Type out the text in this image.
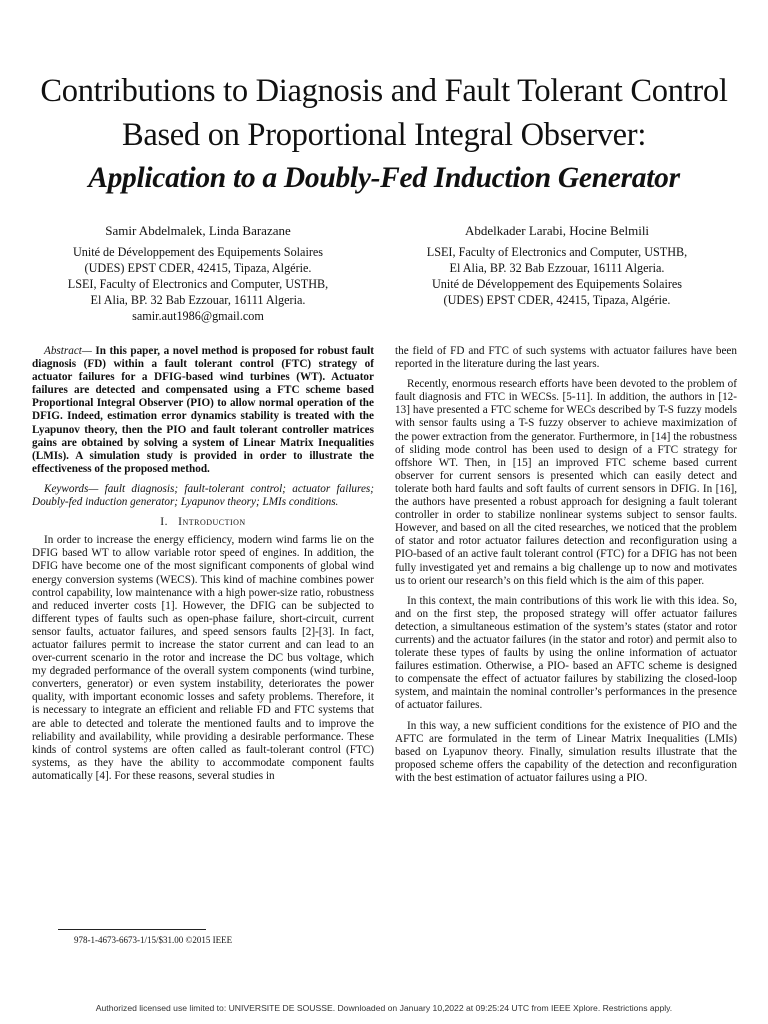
Contributions to Diagnosis and Fault Tolerant Control
Based on Proportional Integral Observer:
Application to a Doubly-Fed Induction Generator
Samir Abdelmalek, Linda Barazane
Unité de Développement des Equipements Solaires
(UDES) EPST CDER, 42415, Tipaza, Algérie.
LSEI, Faculty of Electronics and Computer, USTHB,
El Alia, BP. 32 Bab Ezzouar, 16111 Algeria.
samir.aut1986@gmail.com
Abdelkader Larabi, Hocine Belmili
LSEI, Faculty of Electronics and Computer, USTHB,
El Alia, BP. 32 Bab Ezzouar, 16111 Algeria.
Unité de Développement des Equipements Solaires
(UDES) EPST CDER, 42415, Tipaza, Algérie.

Abstract— In this paper, a novel method is proposed for robust fault diagnosis (FD) within a fault tolerant control (FTC) strategy of actuator failures for a DFIG-based wind turbines (WT). Actuator failures are detected and compensated using a FTC scheme based Proportional Integral Observer (PIO) to allow normal operation of the DFIG. Indeed, estimation error dynamics stability is treated with the Lyapunov theory, then the PIO and fault tolerant controller matrices gains are obtained by solving a system of Linear Matrix Inequalities (LMIs). A simulation study is provided in order to illustrate the effectiveness of the proposed method.

Keywords— fault diagnosis; fault-tolerant control; actuator failures; Doubly-fed induction generator; Lyapunov theory; LMIs conditions.

I. Introduction

In order to increase the energy efficiency, modern wind farms lie on the DFIG based WT to allow variable rotor speed of engines. In addition, the DFIG have become one of the most significant components of global wind energy conversion systems (WECS). This kind of machine combines power control capability, low maintenance with a high power-size ratio, robustness and reduced inverter costs [1]. However, the DFIG can be subjected to different types of faults such as open-phase failure, short-circuit, current sensor faults, actuator failures, and speed sensors faults [2]-[3]. In fact, actuator failures permit to increase the stator current and can lead to an over-current scenario in the rotor and increase the DC bus voltage, which my degraded performance of the overall system components (wind turbine, converters, generator) or even system instability, deteriorates the power quality, with important economic losses and safety problems. Therefore, it is necessary to integrate an efficient and reliable FD and FTC systems that are able to detected and tolerate the mentioned faults and to improve the reliability and availability, while providing a desirable performance. These kinds of control systems are often called as fault-tolerant control (FTC) systems, as they have the ability to accommodate component faults automatically [4]. For these reasons, several studies in

the field of FD and FTC of such systems with actuator failures have been reported in the literature during the last years.

Recently, enormous research efforts have been devoted to the problem of fault diagnosis and FTC in WECSs. [5-11]. In addition, the authors in [12-13] have presented a FTC scheme for WECs described by T-S fuzzy models with sensor faults using a T-S fuzzy observer to achieve maximization of the power extraction from the generator. Furthermore, in [14] the robustness of sliding mode control has been used to design of a FTC strategy for offshore WT. Then, in [15] an improved FTC scheme based current observer for current sensors is presented which can easily detect and tolerate both hard faults and soft faults of current sensors in DFIG. In [16], the authors have presented a robust approach for designing a fault tolerant controller in order to stabilize nonlinear systems subject to sensor faults. However, and based on all the cited researches, we noticed that the problem of stator and rotor actuator failures detection and reconfiguration using a PIO-based of an active fault tolerant control (FTC) for a DFIG has not been fully investigated yet and remains a big challenge up to now and motivates us to orient our research’s on this field which is the aim of this paper.

In this context, the main contributions of this work lie with this idea. So, and on the first step, the proposed strategy will offer actuator failures detection, a simultaneous estimation of the system’s states (stator and rotor currents) and the actuator failures (in the stator and rotor) and permit also to tolerate these types of faults by using the online information of actuator failures estimation. Otherwise, a PIO- based an AFTC scheme is designed to compensate the effect of actuator failures by stabilizing the closed-loop system, and maintain the nominal controller’s performances in the presence of actuator failures.

In this way, a new sufficient conditions for the existence of PIO and the AFTC are formulated in the term of Linear Matrix Inequalities (LMIs) based on Lyapunov theory. Finally, simulation results illustrate that the proposed scheme offers the capability of the detection and reconfiguration with the best estimation of actuator failures using a PIO.

978-1-4673-6673-1/15/$31.00 ©2015 IEEE
Authorized licensed use limited to: UNIVERSITE DE SOUSSE. Downloaded on January 10,2022 at 09:25:24 UTC from IEEE Xplore. Restrictions apply.
